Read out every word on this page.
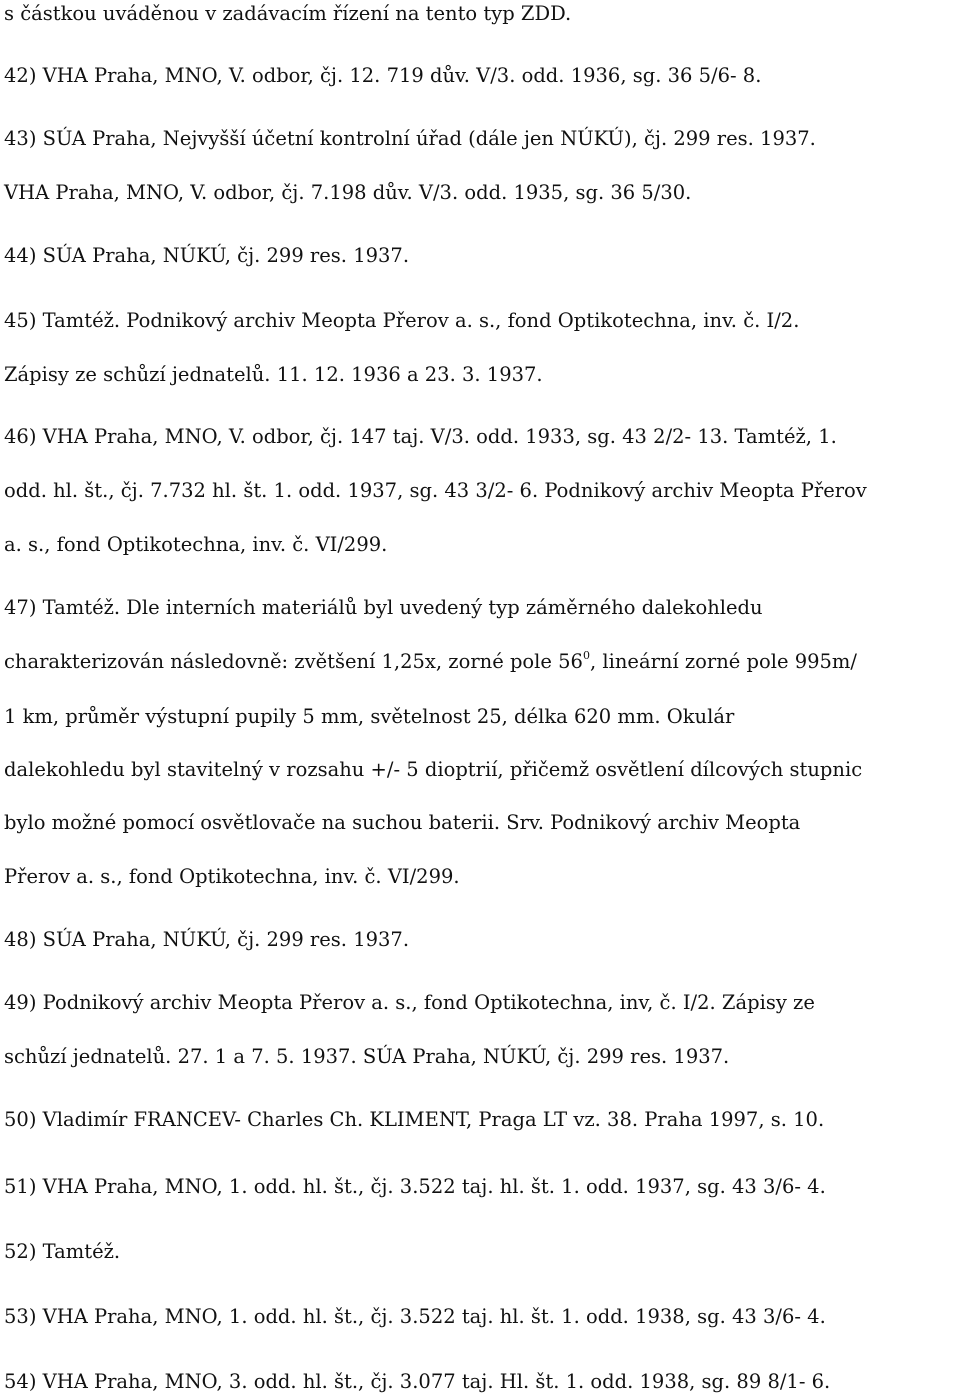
s částkou uváděnou v zadávacím řízení na tento typ ZDD.
42) VHA Praha, MNO, V. odbor, čj. 12. 719 dův. V/3. odd. 1936, sg. 36 5/6- 8.
43) SÚA Praha, Nejvyšší účetní kontrolní úřad (dále jen NÚKÚ), čj. 299 res. 1937.
VHA Praha, MNO, V. odbor, čj. 7.198 dův. V/3. odd. 1935, sg. 36 5/30.
44) SÚA Praha, NÚKÚ, čj. 299 res. 1937.
45) Tamtéž. Podnikový archiv Meopta Přerov a. s., fond Optikotechna, inv. č. I/2.
Zápisy ze schůzí jednatelů. 11. 12. 1936 a 23. 3. 1937.
46) VHA Praha, MNO, V. odbor, čj. 147 taj. V/3. odd. 1933, sg. 43 2/2- 13. Tamtéž, 1.
odd. hl. št., čj. 7.732 hl. št. 1. odd. 1937, sg. 43 3/2- 6. Podnikový archiv Meopta Přerov
a. s., fond Optikotechna, inv. č. VI/299.
47) Tamtéž. Dle interních materiálů byl uvedený typ záměrného dalekohledu
charakterizován následovně: zvětšení 1,25x, zorné pole $56^0$, lineární zorné pole 995m/
1 km, průměr výstupní pupily 5 mm, světelnost 25, délka 620 mm. Okulár
dalekohledu byl stavitelný v rozsahu +/- 5 dioptrií, přičemž osvětlení dílcových stupnic
bylo možné pomocí osvětlovače na suchou baterii. Srv. Podnikový archiv Meopta
Přerov a. s., fond Optikotechna, inv. č. VI/299.
48) SÚA Praha, NÚKÚ, čj. 299 res. 1937.
49) Podnikový archiv Meopta Přerov a. s., fond Optikotechna, inv, č. I/2. Zápisy ze
schůzí jednatelů. 27. 1 a 7. 5. 1937. SÚA Praha, NÚKÚ, čj. 299 res. 1937.
50) Vladimír FRANCEV- Charles Ch. KLIMENT, Praga LT vz. 38. Praha 1997, s. 10.
51) VHA Praha, MNO, 1. odd. hl. št., čj. 3.522 taj. hl. št. 1. odd. 1937, sg. 43 3/6- 4.
52) Tamtéž.
53) VHA Praha, MNO, 1. odd. hl. št., čj. 3.522 taj. hl. št. 1. odd. 1938, sg. 43 3/6- 4.
54) VHA Praha, MNO, 3. odd. hl. št., čj. 3.077 taj. Hl. št. 1. odd. 1938, sg. 89 8/1- 6.
